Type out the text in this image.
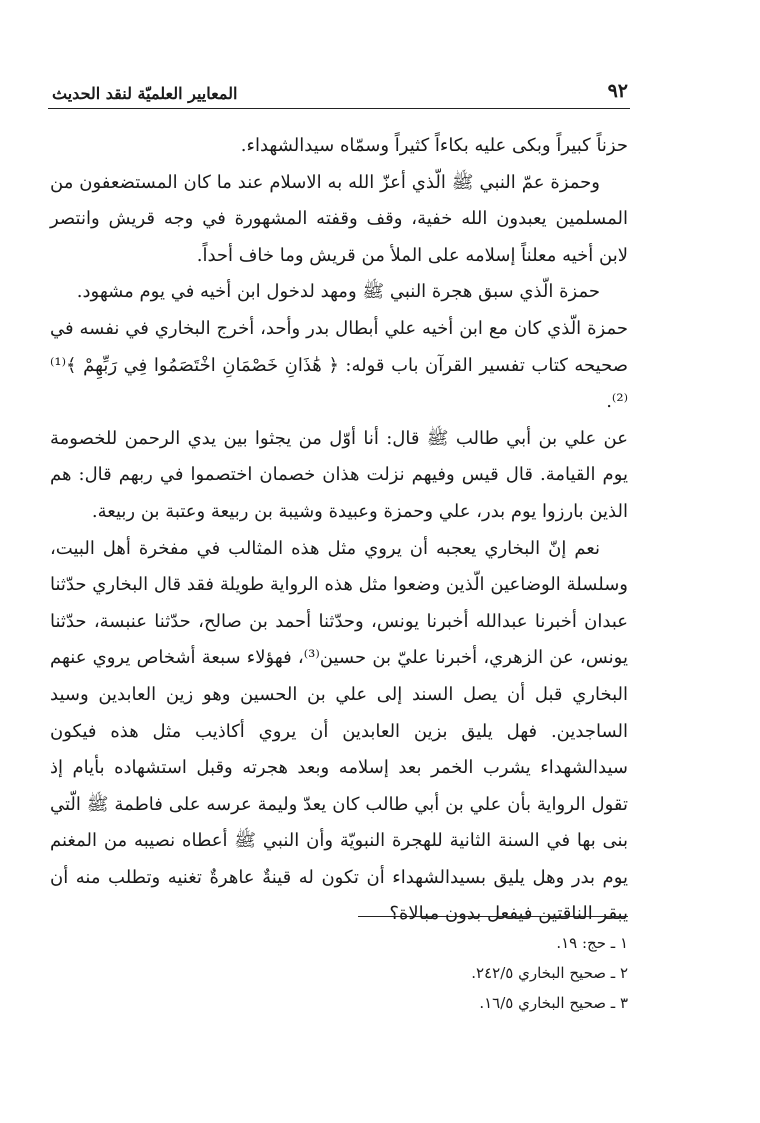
٩٢
المعايير العلميّة لنقد الحديث

حزناً كبيراً وبكى عليه بكاءاً كثيراً وسمّاه سيدالشهداء.

وحمزة عمّ النبي ﷺ الّذي أعزّ الله به الاسلام عند ما كان المستضعفون من المسلمين يعبدون الله خفية، وقف وقفته المشهورة في وجه قريش وانتصر لابن أخيه معلناً إسلامه على الملأ من قريش وما خاف أحداً.

حمزة الّذي سبق هجرة النبي ﷺ ومهد لدخول ابن أخيه في يوم مشهود.

حمزة الّذي كان مع ابن أخيه علي أبطال بدر وأحد، أخرج البخاري في نفسه في صحيحه كتاب تفسير القرآن باب قوله: ﴿ هَٰذَانِ خَصْمَانِ اخْتَصَمُوا فِي رَبِّهِمْ ﴾⁽¹⁾ ⁽²⁾.

عن علي بن أبي طالب ﷺ قال: أنا أوّل من يجثوا بين يدي الرحمن للخصومة يوم القيامة. قال قيس وفيهم نزلت هذان خصمان اختصموا في ربهم قال: هم الذين بارزوا يوم بدر، علي وحمزة وعبيدة وشيبة بن ربيعة وعتبة بن ربيعة.

نعم إنّ البخاري يعجبه أن يروي مثل هذه المثالب في مفخرة أهل البيت، وسلسلة الوضاعين الّذين وضعوا مثل هذه الرواية طويلة فقد قال البخاري حدّثنا عبدان أخبرنا عبدالله أخبرنا يونس، وحدّثنا أحمد بن صالح، حدّثنا عنبسة، حدّثنا يونس، عن الزهري، أخبرنا عليّ بن حسين⁽³⁾، فهؤلاء سبعة أشخاص يروي عنهم البخاري قبل أن يصل السند إلى علي بن الحسين وهو زين العابدين وسيد الساجدين. فهل يليق بزين العابدين أن يروي أكاذيب مثل هذه فيكون سيدالشهداء يشرب الخمر بعد إسلامه وبعد هجرته وقبل استشهاده بأيام إذ تقول الرواية بأن علي بن أبي طالب كان يعدّ وليمة عرسه على فاطمة ﷺ الّتي بنى بها في السنة الثانية للهجرة النبويّة وأن النبي ﷺ أعطاه نصيبه من المغنم يوم بدر وهل يليق بسيدالشهداء أن تكون له قينةٌ عاهرةٌ تغنيه وتطلب منه أن يبقر الناقتين فيفعل بدون مبالاة؟

١ ـ حج: ١٩.
٢ ـ صحيح البخاري ٢٤٢/٥.
٣ ـ صحيح البخاري ١٦/٥.
